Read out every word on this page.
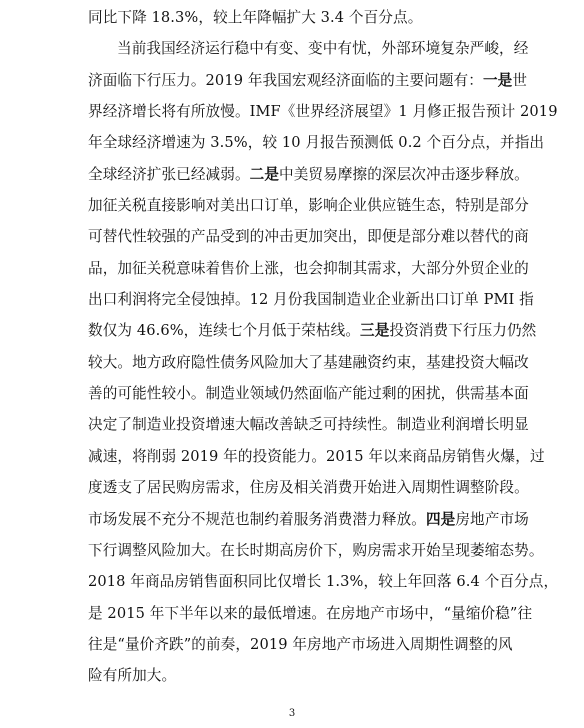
同比下降 18.3%，较上年降幅扩大 3.4 个百分点。
当前我国经济运行稳中有变、变中有忧，外部环境复杂严峻，经
济面临下行压力。2019 年我国宏观经济面临的主要问题有：一是世
界经济增长将有所放慢。IMF《世界经济展望》1 月修正报告预计 2019
年全球经济增速为 3.5%，较 10 月报告预测低 0.2 个百分点，并指出
全球经济扩张已经减弱。二是中美贸易摩擦的深层次冲击逐步释放。
加征关税直接影响对美出口订单，影响企业供应链生态，特别是部分
可替代性较强的产品受到的冲击更加突出，即便是部分难以替代的商
品，加征关税意味着售价上涨，也会抑制其需求，大部分外贸企业的
出口利润将完全侵蚀掉。12 月份我国制造业企业新出口订单 PMI 指
数仅为 46.6%，连续七个月低于荣枯线。三是投资消费下行压力仍然
较大。地方政府隐性债务风险加大了基建融资约束，基建投资大幅改
善的可能性较小。制造业领域仍然面临产能过剩的困扰，供需基本面
决定了制造业投资增速大幅改善缺乏可持续性。制造业利润增长明显
减速，将削弱 2019 年的投资能力。2015 年以来商品房销售火爆，过
度透支了居民购房需求，住房及相关消费开始进入周期性调整阶段。
市场发展不充分不规范也制约着服务消费潜力释放。四是房地产市场
下行调整风险加大。在长时期高房价下，购房需求开始呈现萎缩态势。
2018 年商品房销售面积同比仅增长 1.3%，较上年回落 6.4 个百分点，
是 2015 年下半年以来的最低增速。在房地产市场中，“量缩价稳”往
往是“量价齐跌”的前奏，2019 年房地产市场进入周期性调整的风
险有所加大。
3
